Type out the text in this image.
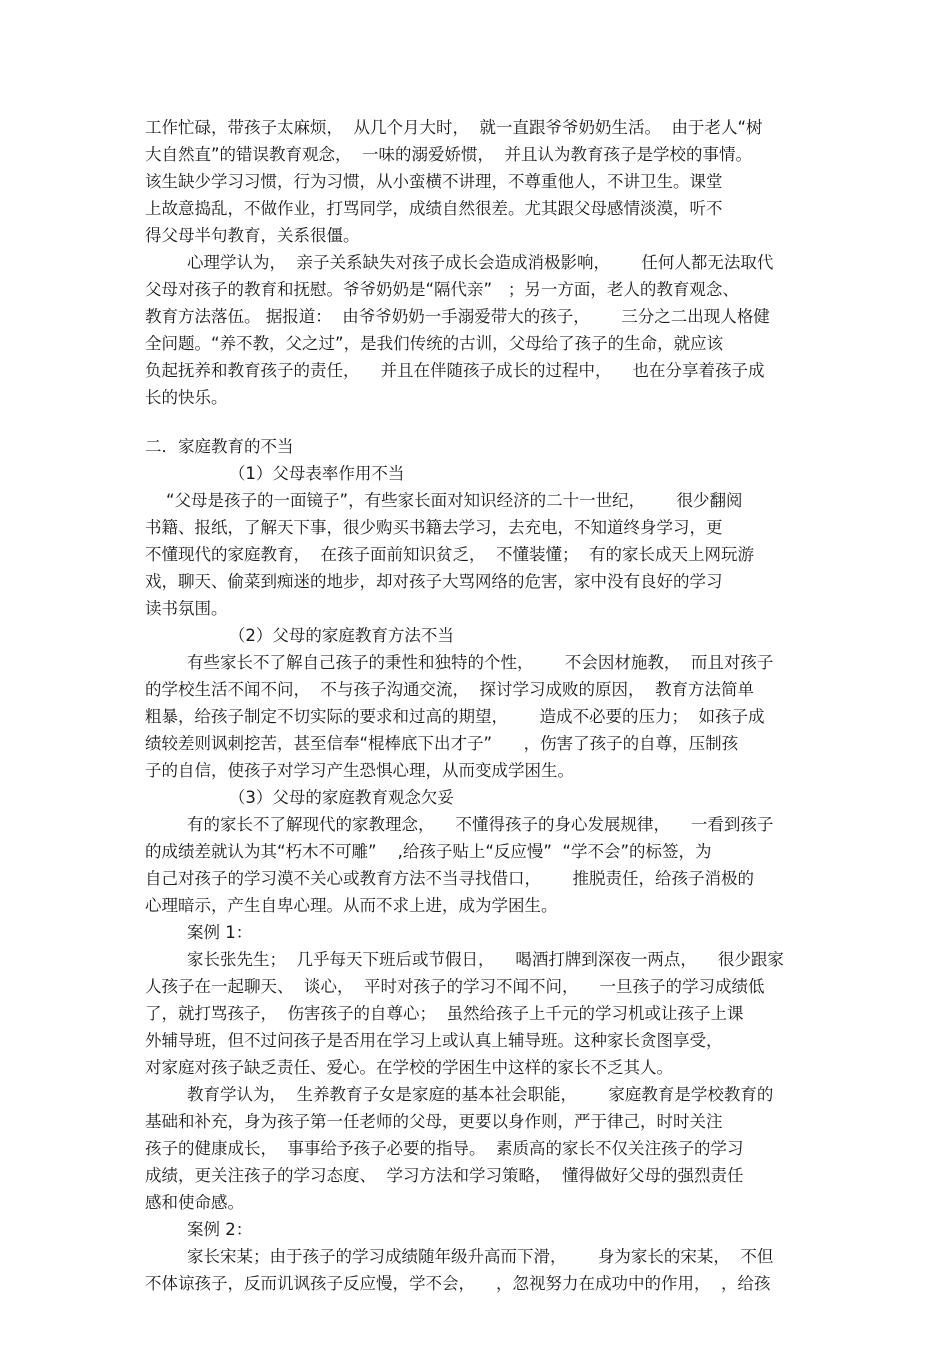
工作忙碌，带孩子太麻烦，  从几个月大时，  就一直跟爷爷奶奶生活。  由于老人“树
大自然直”的错误教育观念，  一味的溺爱娇惯，  并且认为教育孩子是学校的事情。
该生缺少学习习惯，行为习惯，从小蛮横不讲理，不尊重他人，不讲卫生。课堂
上故意捣乱，不做作业，打骂同学，成绩自然很差。尤其跟父母感情淡漠，听不
得父母半句教育，关系很僵。
心理学认为，  亲子关系缺失对孩子成长会造成消极影响，      任何人都无法取代
父母对孩子的教育和抚慰。爷爷奶奶是“隔代亲”   ；另一方面，老人的教育观念、
教育方法落伍。 据报道：  由爷爷奶奶一手溺爱带大的孩子，      三分之二出现人格健
全问题。“养不教，父之过”，是我们传统的古训，父母给了孩子的生命，就应该
负起抚养和教育孩子的责任，    并且在伴随孩子成长的过程中，    也在分享着孩子成
长的快乐。
二．家庭教育的不当
（1）父母表率作用不当
“父母是孩子的一面镜子”，有些家长面对知识经济的二十一世纪，      很少翻阅
书籍、报纸，了解天下事，很少购买书籍去学习，去充电，不知道终身学习，更
不懂现代的家庭教育，  在孩子面前知识贫乏，  不懂装懂；  有的家长成天上网玩游
戏，聊天、偷菜到痴迷的地步，却对孩子大骂网络的危害，家中没有良好的学习
读书氛围。
（2）父母的家庭教育方法不当
有些家长不了解自己孩子的秉性和独特的个性，      不会因材施教，  而且对孩子
的学校生活不闻不问，  不与孩子沟通交流，  探讨学习成败的原因，  教育方法简单
粗暴，给孩子制定不切实际的要求和过高的期望，      造成不必要的压力；  如孩子成
绩较差则讽刺挖苦，甚至信奉“棍棒底下出才子”      ，伤害了孩子的自尊，压制孩
子的自信，使孩子对学习产生恐惧心理，从而变成学困生。
（3）父母的家庭教育观念欠妥
有的家长不了解现代的家教理念，    不懂得孩子的身心发展规律，    一看到孩子
的成绩差就认为其“朽木不可雕”    ,给孩子贴上“反应慢”  “学不会”的标签，为
自己对孩子的学习漠不关心或教育方法不当寻找借口，      推脱责任，给孩子消极的
心理暗示，产生自卑心理。从而不求上进，成为学困生。
案例 1：
家长张先生；  几乎每天下班后或节假日，    喝酒打牌到深夜一两点，    很少跟家
人孩子在一起聊天、  谈心，  平时对孩子的学习不闻不问，    一旦孩子的学习成绩低
了，就打骂孩子，  伤害孩子的自尊心；  虽然给孩子上千元的学习机或让孩子上课
外辅导班，但不过问孩子是否用在学习上或认真上辅导班。这种家长贪图享受，
对家庭对孩子缺乏责任、爱心。在学校的学困生中这样的家长不乏其人。
教育学认为，  生养教育子女是家庭的基本社会职能，      家庭教育是学校教育的
基础和补充，身为孩子第一任老师的父母，更要以身作则，严于律己，时时关注
孩子的健康成长，  事事给予孩子必要的指导。  素质高的家长不仅关注孩子的学习
成绩，更关注孩子的学习态度、  学习方法和学习策略，  懂得做好父母的强烈责任
感和使命感。
案例 2：
家长宋某；由于孩子的学习成绩随年级升高而下滑，      身为家长的宋某，  不但
不体谅孩子，反而讥讽孩子反应慢，学不会，    ，忽视努力在成功中的作用，  ，给孩
